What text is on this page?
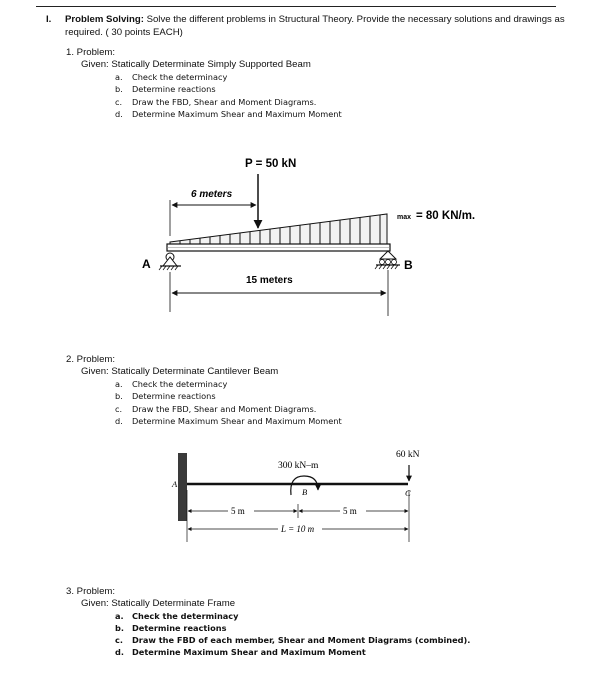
I. Problem Solving: Solve the different problems in Structural Theory. Provide the necessary solutions and drawings as required. ( 30 points EACH)
1. Problem:
Given: Statically Determinate Simply Supported Beam
a. Check the determinacy
b. Determine reactions
c. Draw the FBD, Shear and Moment Diagrams.
d. Determine Maximum Shear and Maximum Moment
P = 50 kN
6 meters
max = 80 KN/m.
A	B
15 meters
2. Problem:
Given: Statically Determinate Cantilever Beam
a. Check the determinacy
b. Determine reactions
c. Draw the FBD, Shear and Moment Diagrams.
d. Determine Maximum Shear and Maximum Moment
300 kN–m
B
A
60 kN
C
5 m	5 m
L = 10 m
3. Problem:
Given: Statically Determinate Frame
a. Check the determinacy
b. Determine reactions
c. Draw the FBD of each member, Shear and Moment Diagrams (combined).
d. Determine Maximum Shear and Maximum Moment
